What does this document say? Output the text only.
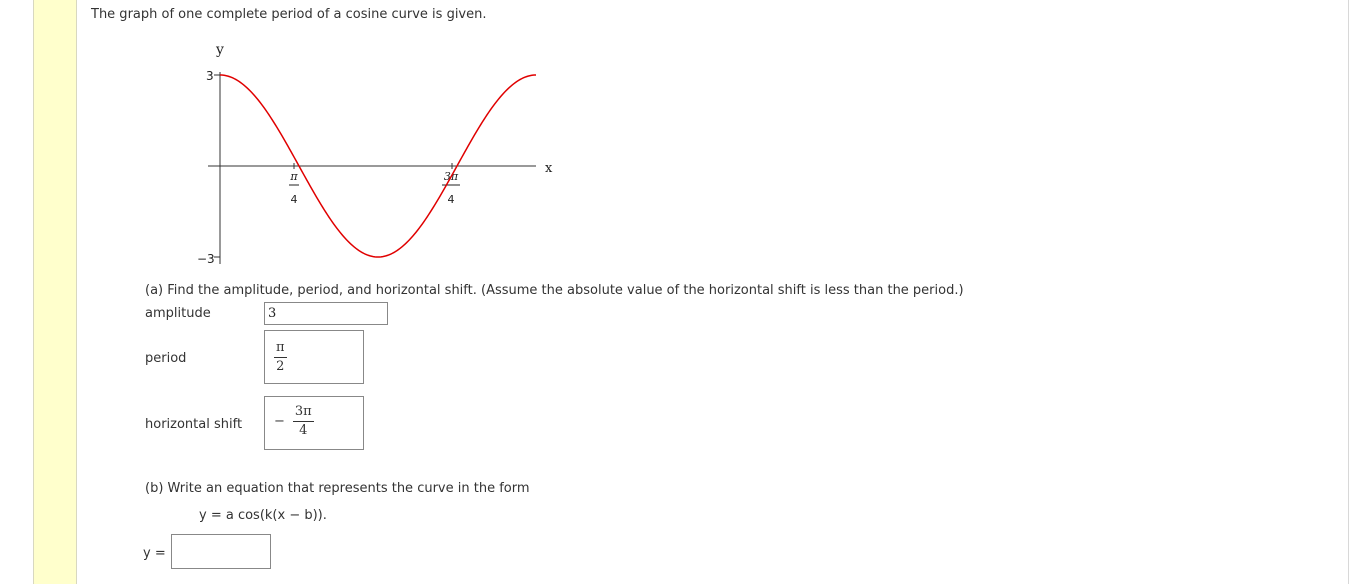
The graph of one complete period of a cosine curve is given.
y
x
3
−3
π
4
3π
4
(a) Find the amplitude, period, and horizontal shift. (Assume the absolute value of the horizontal shift is less than the period.)
amplitude	3
period	$\frac{\pi}{2}$
horizontal shift − $\frac{3\pi}{4}$
(b) Write an equation that represents the curve in the form
y = a cos(k(x − b)).
y =
